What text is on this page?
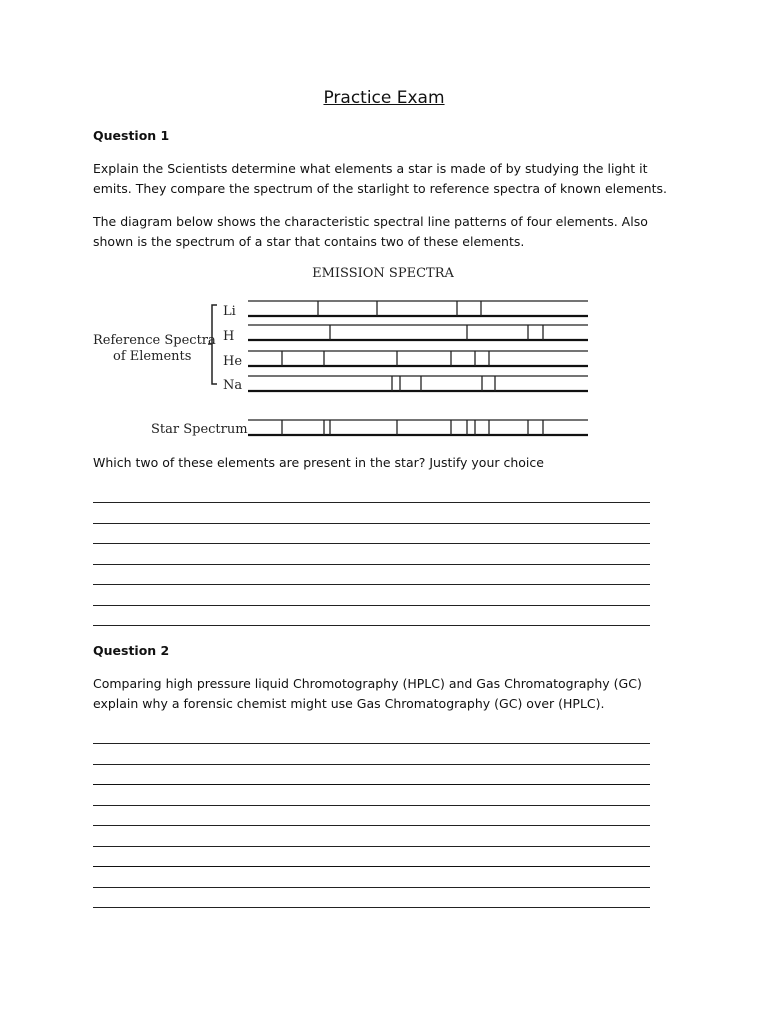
Practice Exam
Question 1
Explain the Scientists determine what elements a star is made of by studying the light it
emits. They compare the spectrum of the starlight to reference spectra of known elements.
The diagram below shows the characteristic spectral line patterns of four elements. Also
shown is the spectrum of a star that contains two of these elements.
EMISSION SPECTRA
Reference Spectra
of Elements
Li
H
He
Na
Star Spectrum
Which two of these elements are present in the star? Justify your choice
Question 2
Comparing high pressure liquid Chromotography (HPLC) and Gas Chromatography (GC)
explain why a forensic chemist might use Gas Chromatography (GC) over (HPLC).
